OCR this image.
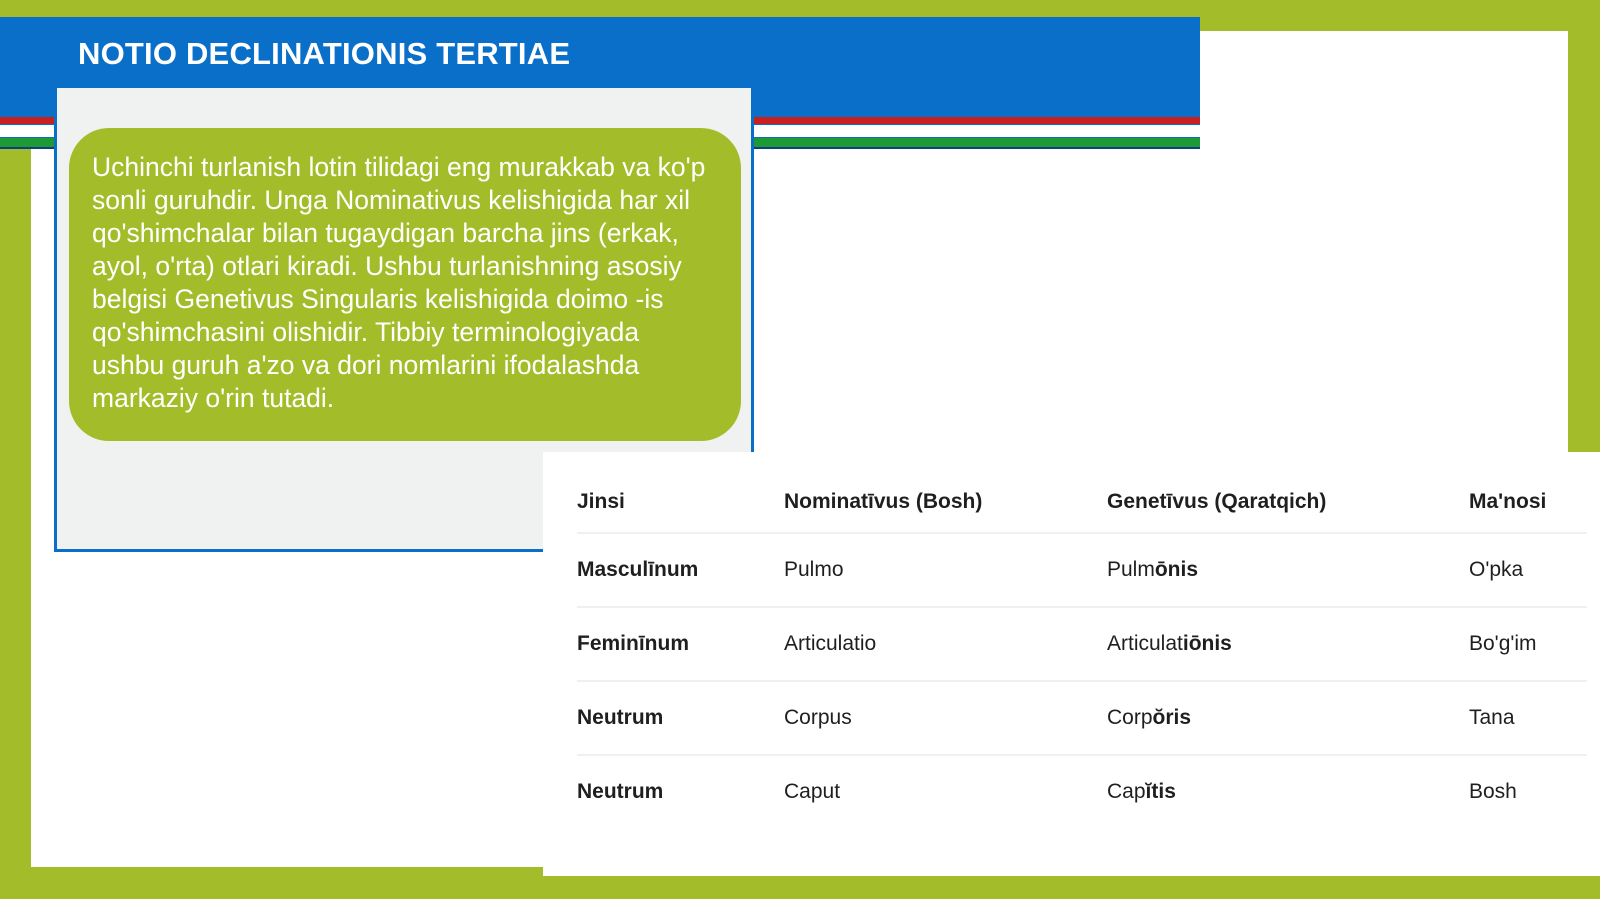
NOTIO DECLINATIONIS TERTIAE
Uchinchi turlanish lotin tilidagi eng murakkab va ko'p sonli guruhdir. Unga Nominativus kelishigida har xil qo'shimchalar bilan tugaydigan barcha jins (erkak, ayol, o'rta) otlari kiradi. Ushbu turlanishning asosiy belgisi Genetivus Singularis kelishigida doimo -is qo'shimchasini olishidir. Tibbiy terminologiyada ushbu guruh a'zo va dori nomlarini ifodalashda markaziy o'rin tutadi.
Jinsi	Nominatīvus (Bosh)	Genetīvus (Qaratqich)	Ma'nosi
Masculīnum	Pulmo	Pulmōnis	O'pka
Feminīnum	Articulatio	Articulatiōnis	Bo'g'im
Neutrum	Corpus	Corpŏris	Tana
Neutrum	Caput	Capĭtis	Bosh
